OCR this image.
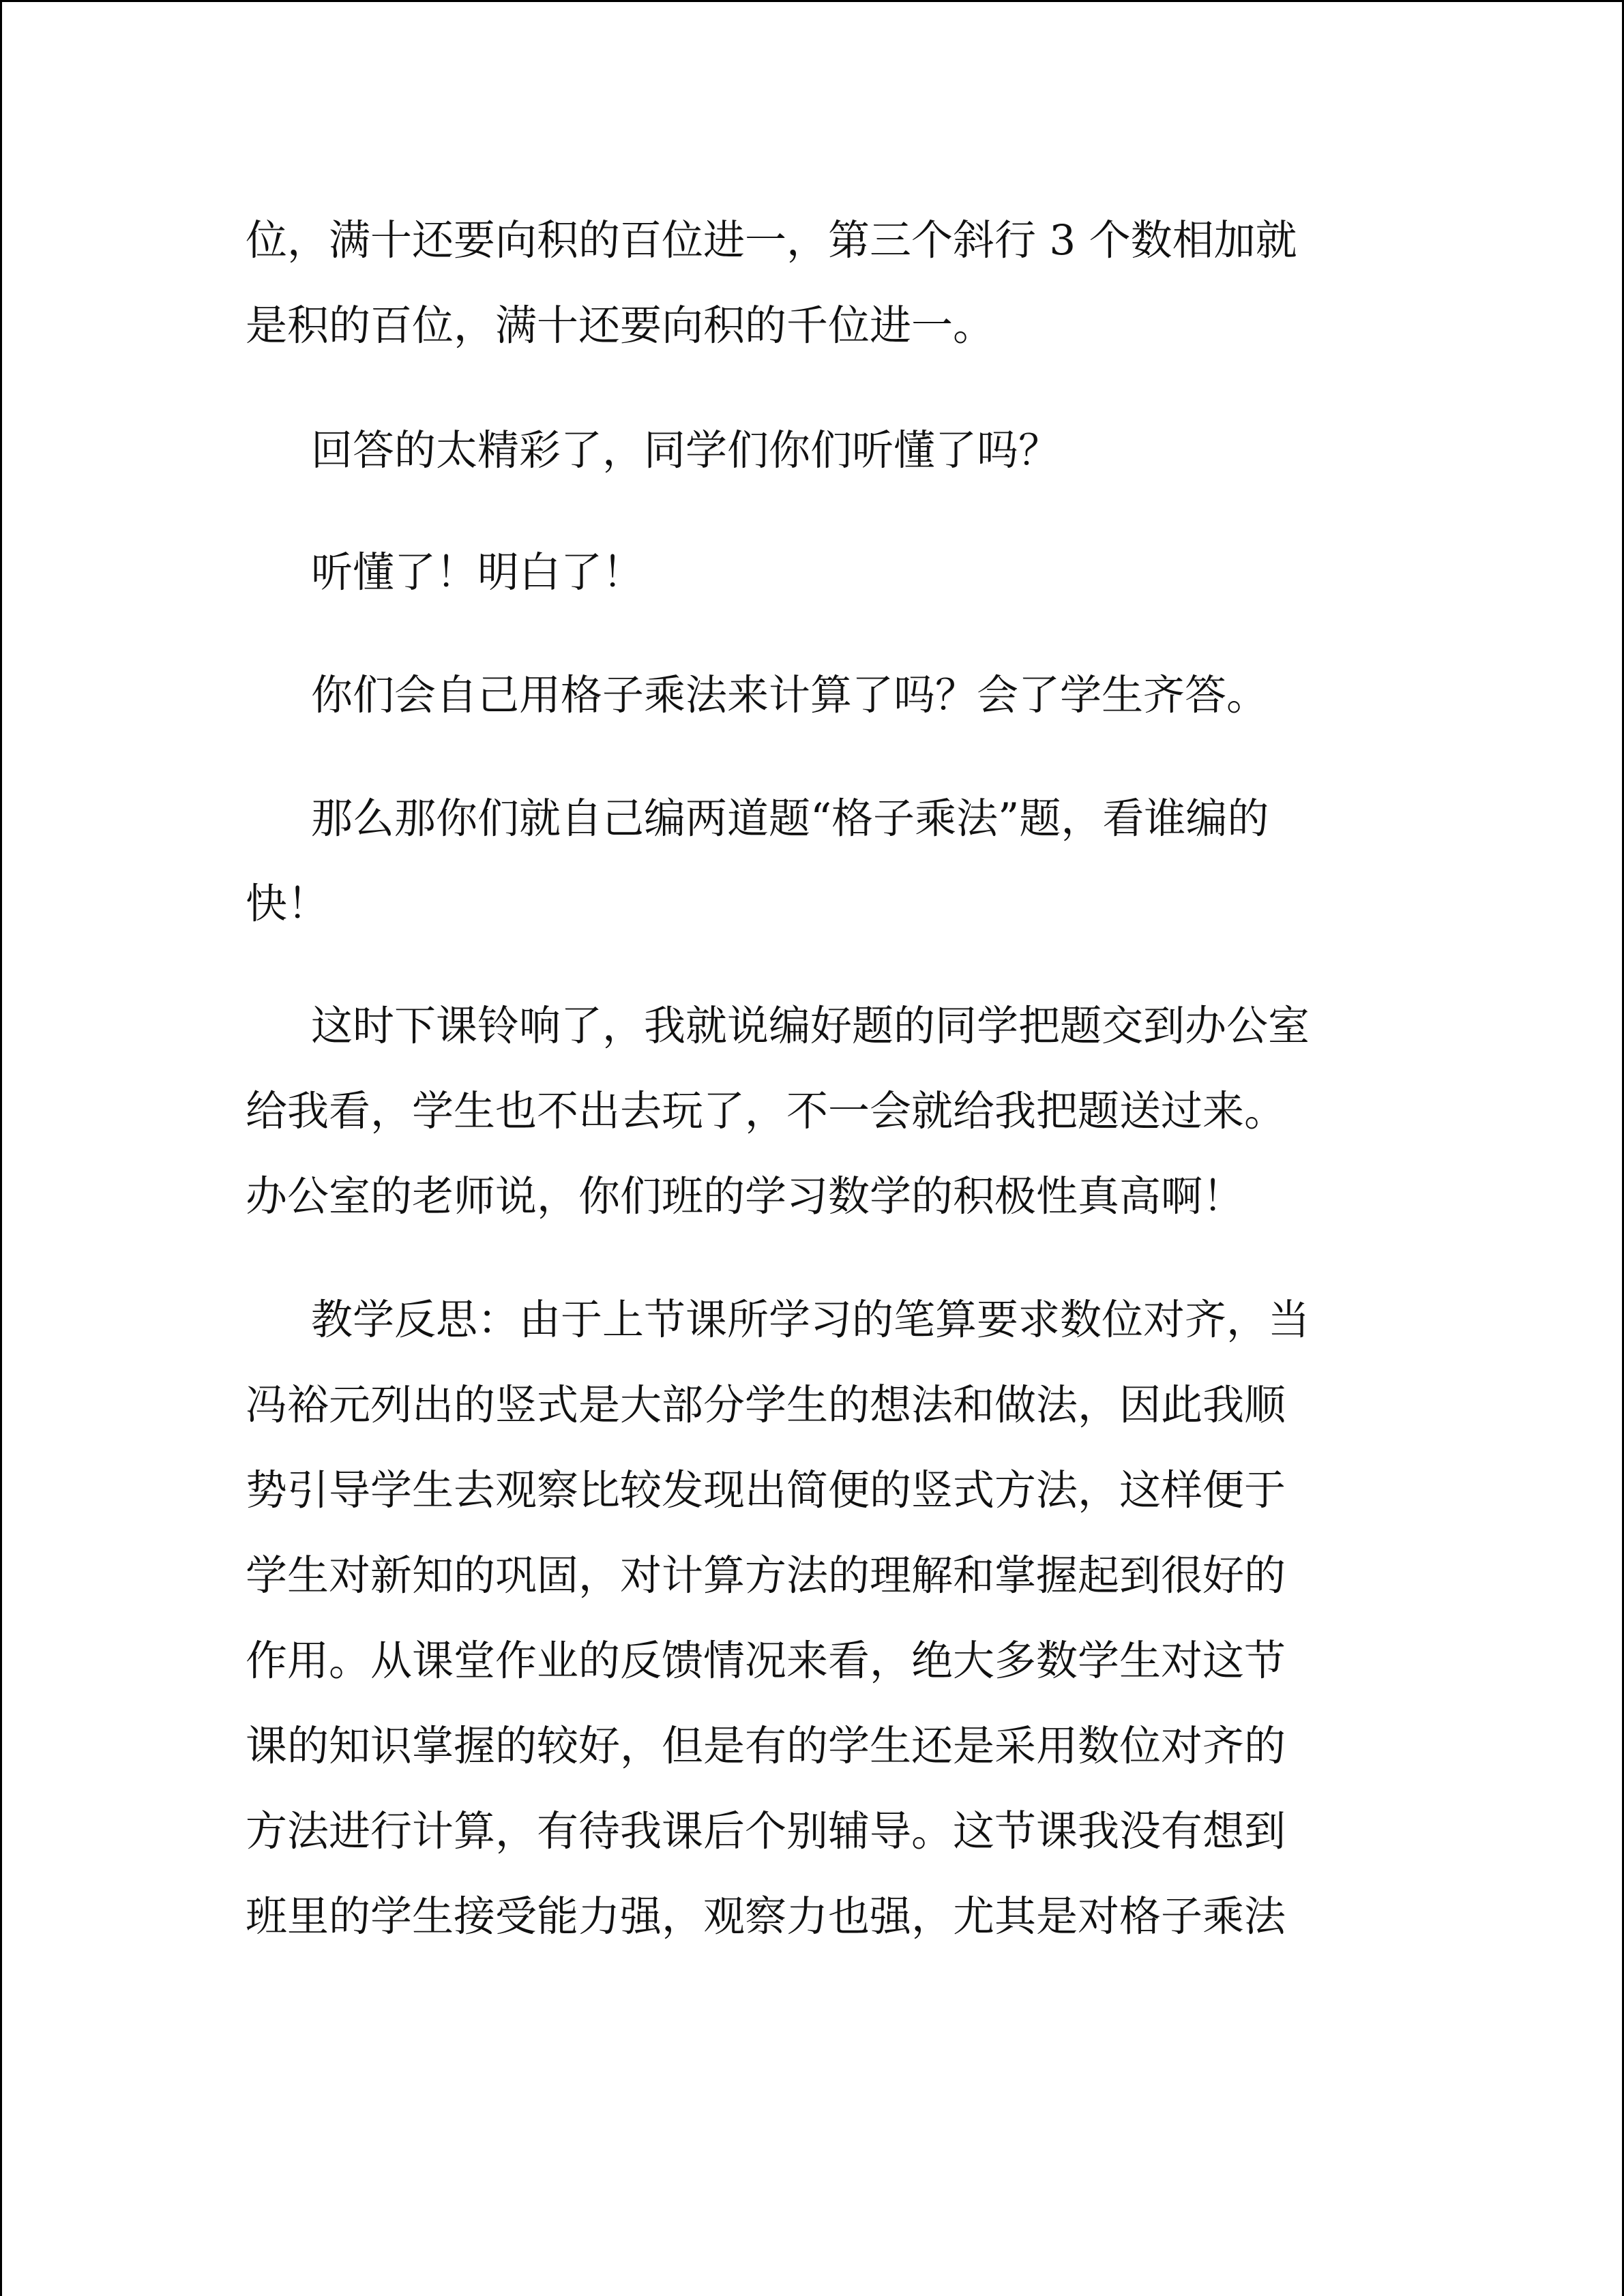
位，满十还要向积的百位进一，第三个斜行 3 个数相加就
是积的百位，满十还要向积的千位进一。
回答的太精彩了，同学们你们听懂了吗？
听懂了！明白了！
你们会自己用格子乘法来计算了吗？会了学生齐答。
那么那你们就自己编两道题“格子乘法”题，看谁编的
快！
这时下课铃响了，我就说编好题的同学把题交到办公室
给我看，学生也不出去玩了，不一会就给我把题送过来。
办公室的老师说，你们班的学习数学的积极性真高啊！
教学反思：由于上节课所学习的笔算要求数位对齐，当
冯裕元列出的竖式是大部分学生的想法和做法，因此我顺
势引导学生去观察比较发现出简便的竖式方法，这样便于
学生对新知的巩固，对计算方法的理解和掌握起到很好的
作用。从课堂作业的反馈情况来看，绝大多数学生对这节
课的知识掌握的较好，但是有的学生还是采用数位对齐的
方法进行计算，有待我课后个别辅导。这节课我没有想到
班里的学生接受能力强，观察力也强，尤其是对格子乘法
